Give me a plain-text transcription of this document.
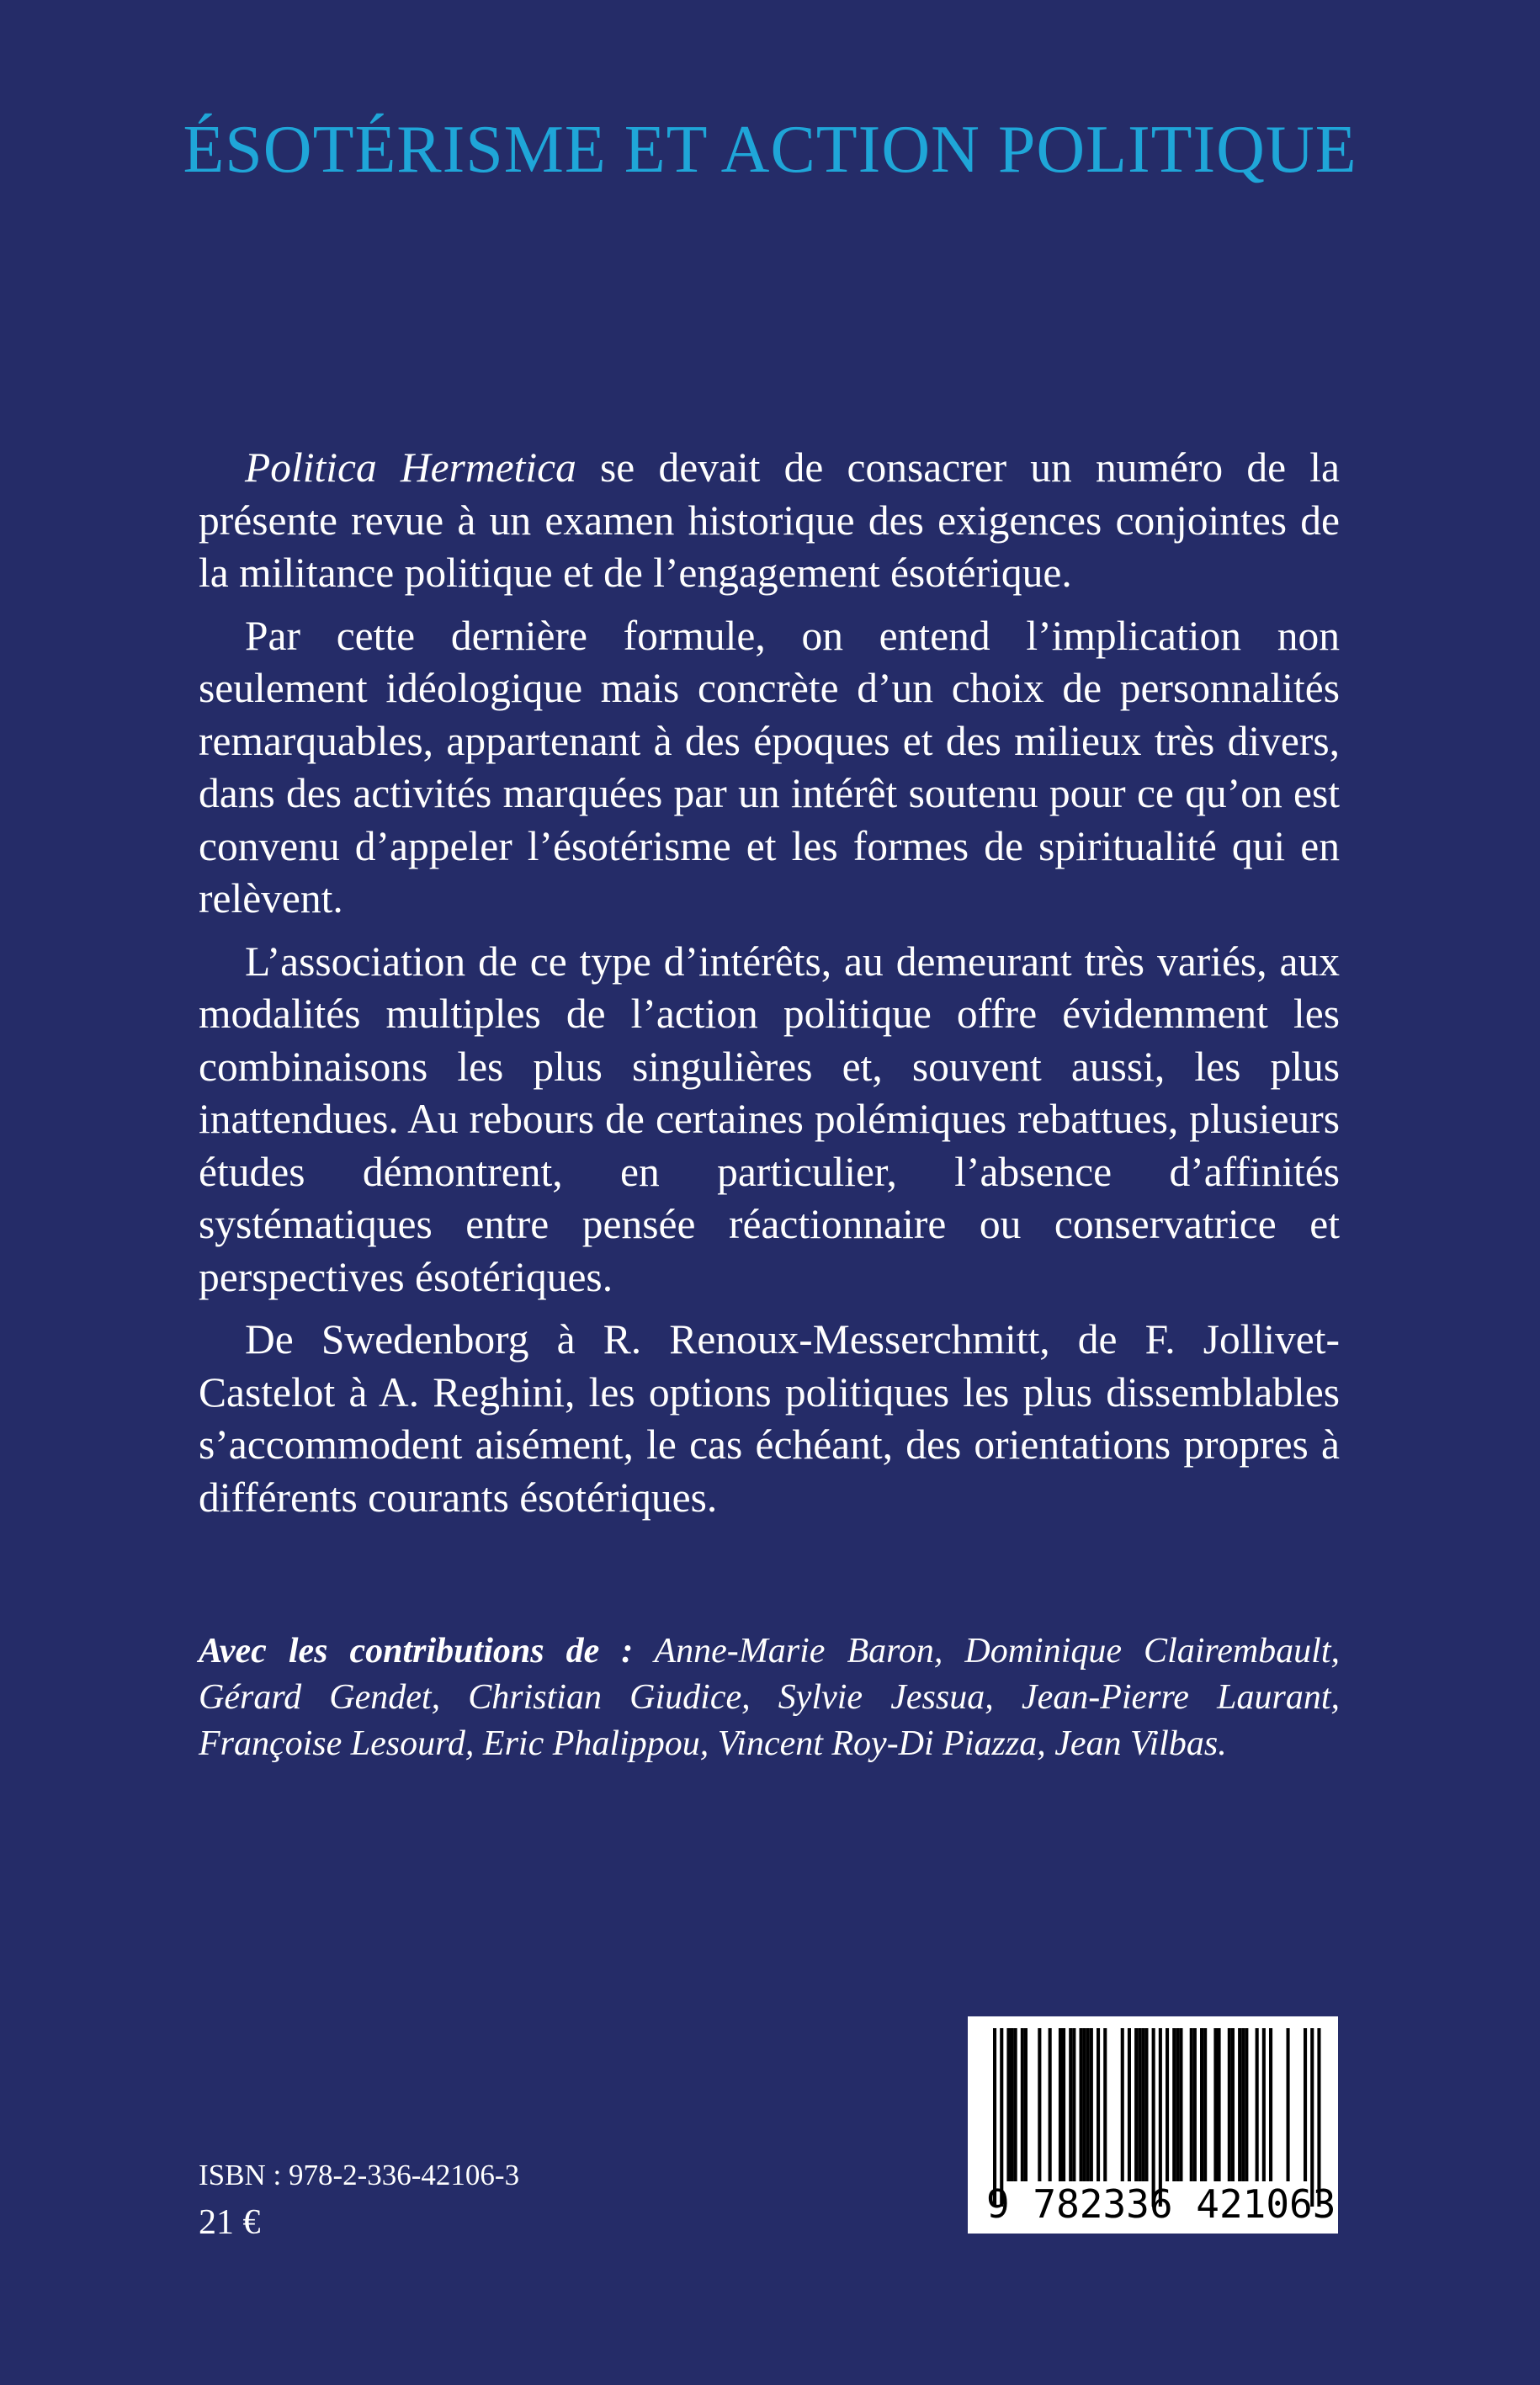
ÉSOTÉRISME ET ACTION POLITIQUE

Politica Hermetica se devait de consacrer un numéro de la présente revue à un examen historique des exigences conjointes de la militance politique et de l’engagement ésotérique.

Par cette dernière formule, on entend l’implication non seulement idéologique mais concrète d’un choix de personnalités remarquables, appartenant à des époques et des milieux très divers, dans des activités marquées par un intérêt soutenu pour ce qu’on est convenu d’appeler l’ésotérisme et les formes de spiritualité qui en relèvent.

L’association de ce type d’intérêts, au demeurant très variés, aux modalités multiples de l’action politique offre évidemment les combinaisons les plus singulières et, souvent aussi, les plus inattendues. Au rebours de certaines polémiques rebattues, plusieurs études démontrent, en particulier, l’absence d’affinités systématiques entre pensée réactionnaire ou conservatrice et perspectives ésotériques.

De Swedenborg à R. Renoux-Messerchmitt, de F. Jollivet-Castelot à A. Reghini, les options politiques les plus dissemblables s’accommodent aisément, le cas échéant, des orientations propres à différents courants ésotériques.

Avec les contributions de : Anne-Marie Baron, Dominique Clairembault, Gérard Gendet, Christian Giudice, Sylvie Jessua, Jean-Pierre Laurant, Françoise Lesourd, Eric Phalippou, Vincent Roy-Di Piazza, Jean Vilbas.

ISBN : 978-2-336-42106-3
21 €	9 782336 421063
